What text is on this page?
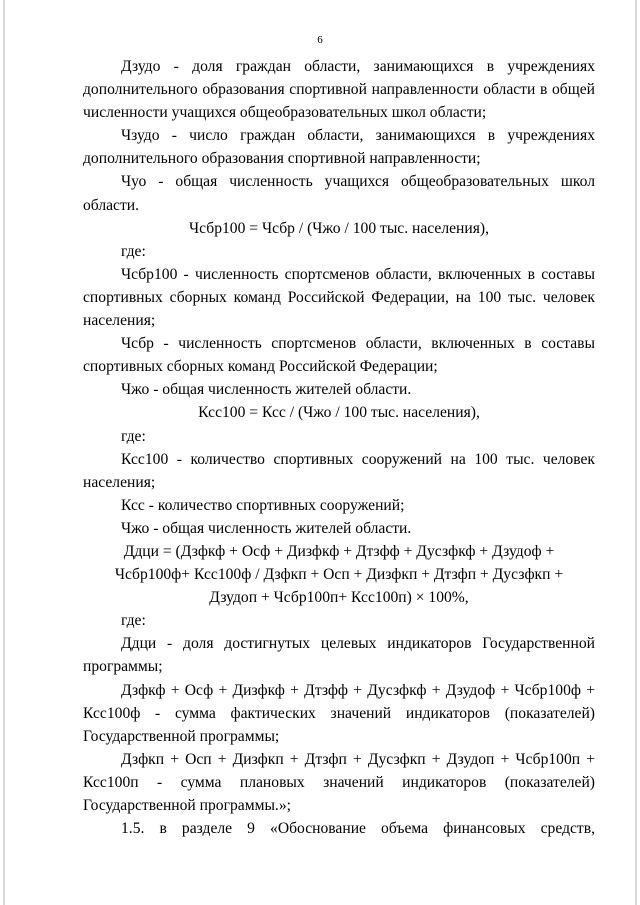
6

Дзудо - доля граждан области, занимающихся в учреждениях дополнительного образования спортивной направленности области в общей численности учащихся общеобразовательных школ области;

Чзудо - число граждан области, занимающихся в учреждениях дополнительного образования спортивной направленности;

Чуо - общая численность учащихся общеобразовательных школ области.

Чсбр100 = Чсбр / (Чжо / 100 тыс. населения),

где:

Чсбр100 - численность спортсменов области, включенных в составы спортивных сборных команд Российской Федерации, на 100 тыс. человек населения;

Чсбр - численность спортсменов области, включенных в составы спортивных сборных команд Российской Федерации;

Чжо - общая численность жителей области.

Ксс100 = Ксс / (Чжо / 100 тыс. населения),

где:

Ксс100 - количество спортивных сооружений на 100 тыс. человек населения;

Ксс - количество спортивных сооружений;

Чжо - общая численность жителей области.

Ддци = (Дзфкф + Осф + Дизфкф + Дтзфф + Дусзфкф + Дзудоф +

Чсбр100ф+ Ксс100ф / Дзфкп + Осп + Дизфкп + Дтзфп + Дусзфкп +

Дзудоп + Чсбр100п+ Ксс100п) × 100%,

где:

Ддци - доля достигнутых целевых индикаторов Государственной программы;

Дзфкф + Осф + Дизфкф + Дтзфф + Дусзфкф + Дзудоф + Чсбр100ф + Ксс100ф - сумма фактических значений индикаторов (показателей) Государственной программы;

Дзфкп + Осп + Дизфкп + Дтзфп + Дусзфкп + Дзудоп + Чсбр100п + Ксс100п - сумма плановых значений индикаторов (показателей) Государственной программы.»;

1.5. в разделе 9 «Обоснование объема финансовых средств,
